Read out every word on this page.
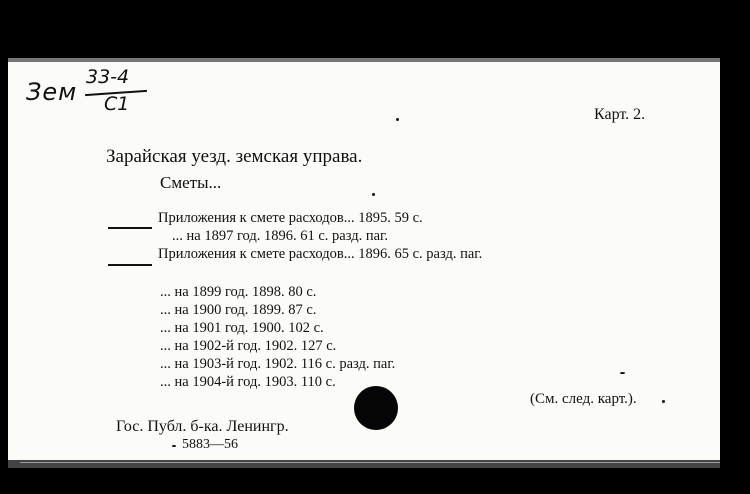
Зем
33-4
C1	Карт. 2.
Зарайская уезд. земская управа.
Сметы...
Приложения к смете расходов... 1895. 59 с.
... на 1897 год. 1896. 61 с. разд. паг.
Приложения к смете расходов... 1896. 65 с. разд. паг.
... на 1899 год. 1898. 80 с.
... на 1900 год. 1899. 87 с.
... на 1901 год. 1900. 102 с.
... на 1902-й год. 1902. 127 с.
... на 1903-й год. 1902. 116 с. разд. паг.
... на 1904-й год. 1903. 110 с.
(См. след. карт.).
Гос. Публ. б-ка. Ленингр.
5883—56
